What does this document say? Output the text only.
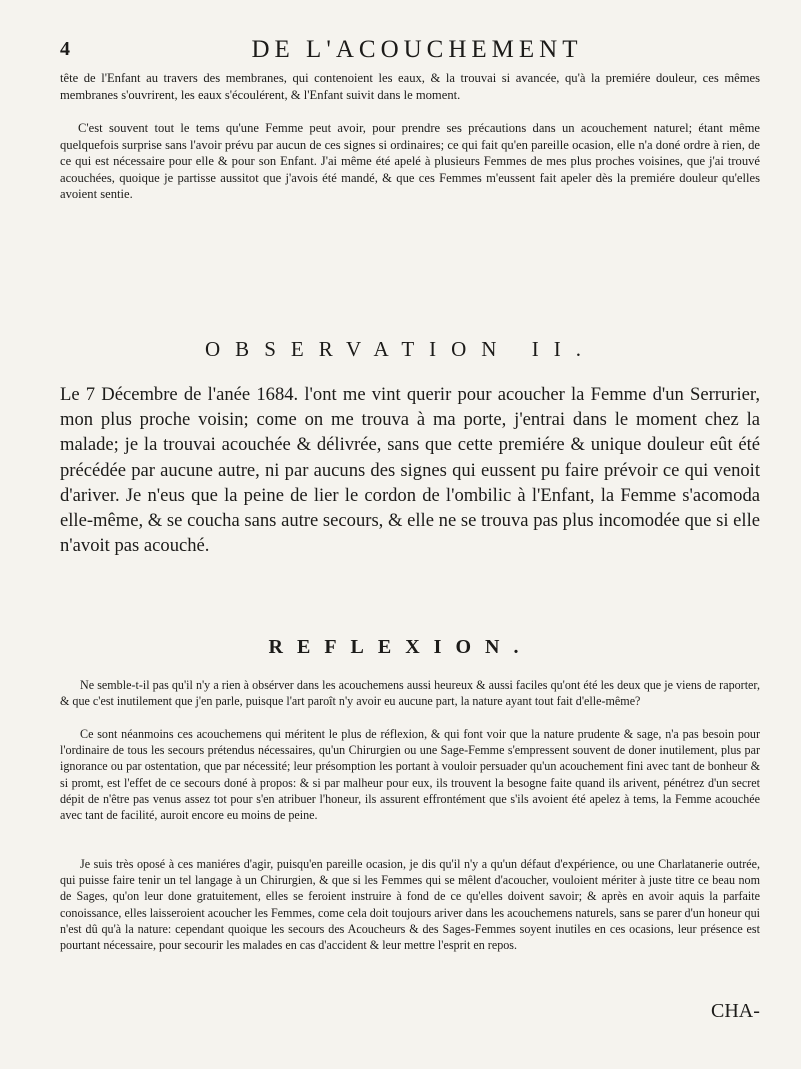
4	DE L'ACOUCHEMENT

tête de l'Enfant au travers des membranes, qui contenoient les eaux, & la trouvai si avancée, qu'à la premiére douleur, ces mêmes membranes s'ouvrirent, les eaux s'écoulérent, & l'Enfant suivit dans le moment.

C'est souvent tout le tems qu'une Femme peut avoir, pour prendre ses précautions dans un acouchement naturel; étant même quelquefois surprise sans l'avoir prévu par aucun de ces signes si ordinaires; ce qui fait qu'en pareille ocasion, elle n'a doné ordre à rien, de ce qui est nécessaire pour elle & pour son Enfant. J'ai même été apelé à plusieurs Femmes de mes plus proches voisines, que j'ai trouvé acouchées, quoique je partisse aussitot que j'avois été mandé, & que ces Femmes m'eussent fait apeler dès la premiére douleur qu'elles avoient sentie.

OBSERVATION II.

Le 7 Décembre de l'anée 1684. l'ont me vint querir pour acoucher la Femme d'un Serrurier, mon plus proche voisin; come on me trouva à ma porte, j'entrai dans le moment chez la malade; je la trouvai acouchée & délivrée, sans que cette premiére & unique douleur eût été précédée par aucune autre, ni par aucuns des signes qui eussent pu faire prévoir ce qui venoit d'ariver. Je n'eus que la peine de lier le cordon de l'ombilic à l'Enfant, la Femme s'acomoda elle-même, & se coucha sans autre secours, & elle ne se trouva pas plus incomodée que si elle n'avoit pas acouché.

REFLEXION.

Ne semble-t-il pas qu'il n'y a rien à obsérver dans les acouchemens aussi heureux & aussi faciles qu'ont été les deux que je viens de raporter, & que c'est inutilement que j'en parle, puisque l'art paroît n'y avoir eu aucune part, la nature ayant tout fait d'elle-même?

Ce sont néanmoins ces acouchemens qui méritent le plus de réflexion, & qui font voir que la nature prudente & sage, n'a pas besoin pour l'ordinaire de tous les secours prétendus nécessaires, qu'un Chirurgien ou une Sage-Femme s'empressent souvent de doner inutilement, plus par ignorance ou par ostentation, que par nécessité; leur présomption les portant à vouloir persuader qu'un acouchement fini avec tant de bonheur & si promt, est l'effet de ce secours doné à propos: & si par malheur pour eux, ils trouvent la besogne faite quand ils arivent, pénétrez d'un secret dépit de n'être pas venus assez tot pour s'en atribuer l'honeur, ils assurent effrontément que s'ils avoient été apelez à tems, la Femme acouchée avec tant de facilité, auroit encore eu moins de peine.

Je suis très oposé à ces maniéres d'agir, puisqu'en pareille ocasion, je dis qu'il n'y a qu'un défaut d'expérience, ou une Charlatanerie outrée, qui puisse faire tenir un tel langage à un Chirurgien, & que si les Femmes qui se mêlent d'acoucher, vouloient mériter à juste titre ce beau nom de Sages, qu'on leur done gratuitement, elles se feroient instruire à fond de ce qu'elles doivent savoir; & après en avoir aquis la parfaite conoissance, elles laisseroient acoucher les Femmes, come cela doit toujours ariver dans les acouchemens naturels, sans se parer d'un honeur qui n'est dû qu'à la nature: cependant quoique les secours des Acoucheurs & des Sages-Femmes soyent inutiles en ces ocasions, leur présence est pourtant nécessaire, pour secourir les malades en cas d'accident & leur mettre l'esprit en repos.

CHA-
